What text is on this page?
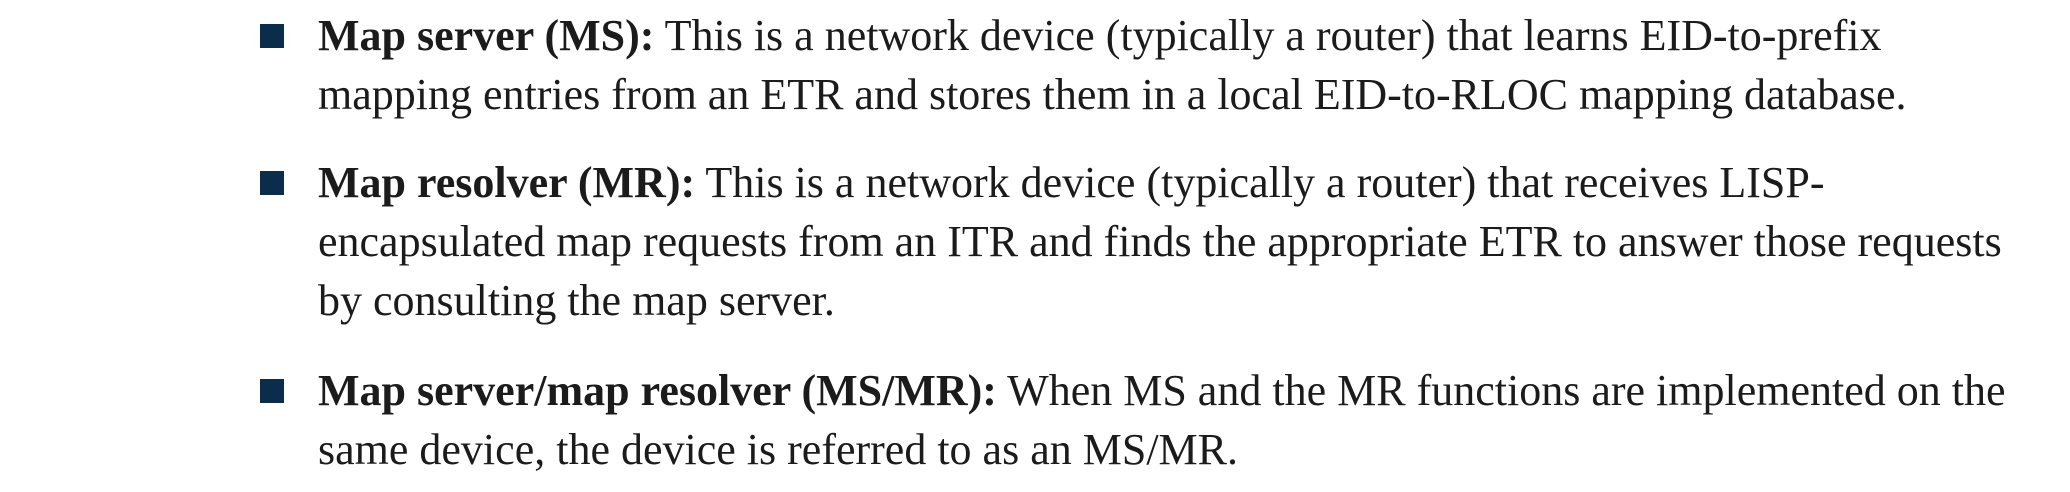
Map server (MS): This is a network device (typically a router) that learns EID-to-prefix mapping entries from an ETR and stores them in a local EID-to-RLOC mapping database.
Map resolver (MR): This is a network device (typically a router) that receives LISP-encapsulated map requests from an ITR and finds the appropriate ETR to answer those requests by consulting the map server.
Map server/map resolver (MS/MR): When MS and the MR functions are implemented on the same device, the device is referred to as an MS/MR.
